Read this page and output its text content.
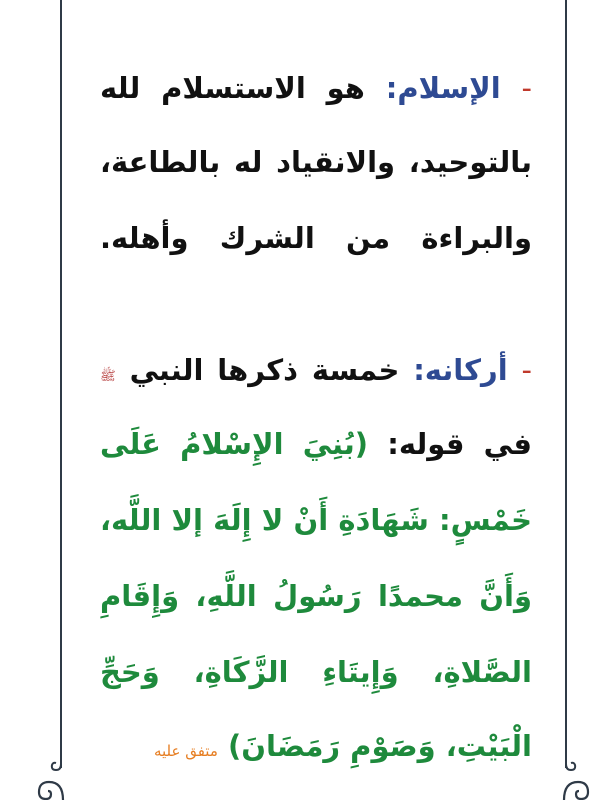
- الإسلام: هو الاستسلام لله
بالتوحيد، والانقياد له بالطاعة،
والبراءة من الشرك وأهله.
- أركانه: خمسة ذكرها النبي ﷺ
في قوله: (بُنِيَ الإِسْلامُ عَلَى
خَمْسٍ: شَهَادَةِ أَنْ لا إِلَهَ إلا اللَّه،
وَأَنَّ محمدًا رَسُولُ اللَّهِ، وَإِقَامِ
الصَّلاةِ، وَإِيتَاءِ الزَّكَاةِ، وَحَجِّ
الْبَيْتِ، وَصَوْمِ رَمَضَانَ) متفق عليه
